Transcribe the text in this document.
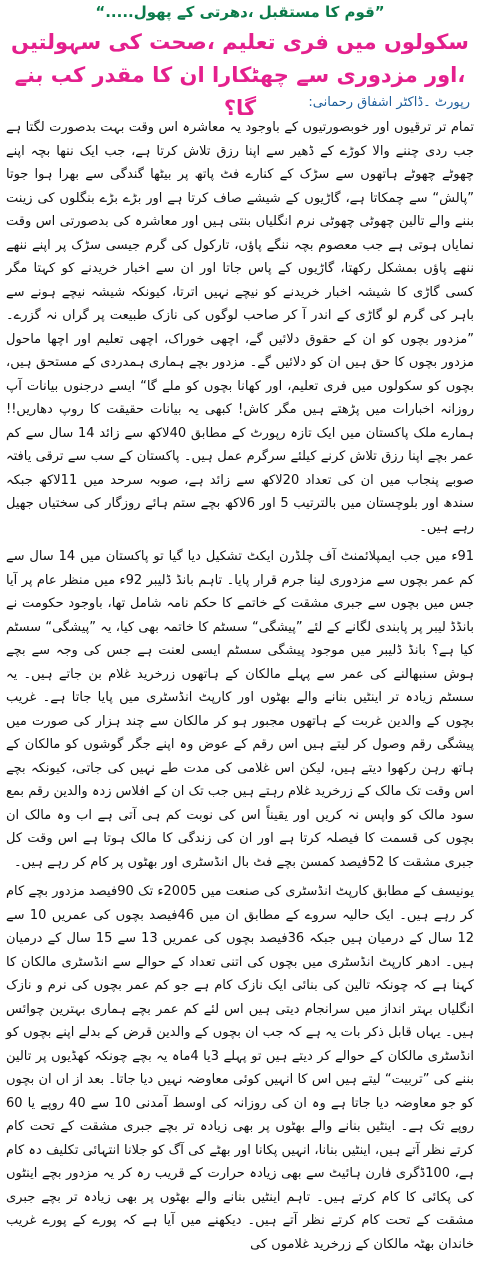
”قوم کا مستقبل ،دھرتی کے پھول.....“
سکولوں میں فری تعلیم ،صحت کی سہولتیں ،اور مزدوری سے چھٹکارا ان کا مقدر کب بنے گا؟	رپورٹ ۔ڈاکٹر اشفاق رحمانی:

تمام تر ترقیوں اور خوبصورتیوں کے باوجود یہ معاشرہ اس وقت بہت بدصورت لگتا ہے جب ردی چننے والا کوڑے کے ڈھیر سے اپنا رزق تلاش کرتا ہے، جب ایک ننھا بچہ اپنے چھوٹے چھوٹے ہاتھوں سے سڑک کے کنارے فٹ پاتھ پر بیٹھا گندگی سے بھرا ہوا جوتا ”پالش“ سے چمکاتا ہے، گاڑیوں کے شیشے صاف کرتا ہے اور بڑے بڑے بنگلوں کی زینت بننے والے تالین چھوٹی چھوٹی نرم انگلیاں بنتی ہیں اور معاشرہ کی بدصورتی اس وقت نمایاں ہوتی ہے جب معصوم بچہ ننگے پاؤں، تارکول کی گرم جیسی سڑک پر اپنے ننھے ننھے پاؤں بمشکل رکھتا، گاڑیوں کے پاس جاتا اور ان سے اخبار خریدنے کو کہتا مگر کسی گاڑی کا شیشہ اخبار خریدنے کو نیچے نہیں اترتا، کیونکہ شیشہ نیچے ہونے سے باہر کی گرم لو گاڑی کے اندر آ کر صاحب لوگوں کی نازک طبیعت پر گراں نہ گزرے۔ ”مزدور بچوں کو ان کے حقوق دلائیں گے، اچھی خوراک، اچھی تعلیم اور اچھا ماحول مزدور بچوں کا حق ہیں ان کو دلائیں گے۔ مزدور بچے ہماری ہمدردی کے مستحق ہیں، بچوں کو سکولوں میں فری تعلیم، اور کھانا بچوں کو ملے گا“ ایسے درجنوں بیانات آپ روزانہ اخبارات میں پڑھتے ہیں مگر کاش! کبھی یہ بیانات حقیقت کا روپ دھاریں!! ہمارے ملک پاکستان میں ایک تازہ رپورٹ کے مطابق 40لاکھ سے زائد 14 سال سے کم عمر بچے اپنا رزق تلاش کرنے کیلئے سرگرم عمل ہیں۔ پاکستان کے سب سے ترقی یافتہ صوبے پنجاب میں ان کی تعداد 20لاکھ سے زائد ہے، صوبہ سرحد میں 11لاکھ جبکہ سندھ اور بلوچستان میں بالترتیب 5 اور 6لاکھ بچے ستم ہائے روزگار کی سختیاں جھیل رہے ہیں۔

91ء میں جب ایمپلائمنٹ آف چلڈرن ایکٹ تشکیل دیا گیا تو پاکستان میں 14 سال سے کم عمر بچوں سے مزدوری لینا جرم قرار پایا۔ تاہم بانڈ ڈلیبر 92ء میں منظر عام پر آیا جس میں بچوں سے جبری مشقت کے خاتمے کا حکم نامہ شامل تھا، باوجود حکومت نے بانڈڈ لیبر پر پابندی لگانے کے لئے ”پیشگی“ سسٹم کا خاتمہ بھی کیا، یہ ”پیشگی“ سسٹم کیا ہے؟ بانڈ ڈلیبر میں موجود پیشگی سسٹم ایسی لعنت ہے جس کی وجہ سے بچے ہوش سنبھالنے کی عمر سے پہلے مالکان کے ہاتھوں زرخرید غلام بن جاتے ہیں۔ یہ سسٹم زیادہ تر اینٹیں بنانے والے بھٹوں اور کارپٹ انڈسٹری میں پایا جاتا ہے۔ غریب بچوں کے والدین غربت کے ہاتھوں مجبور ہو کر مالکان سے چند ہزار کی صورت میں پیشگی رقم وصول کر لیتے ہیں اس رقم کے عوض وہ اپنے جگر گوشوں کو مالکان کے ہاتھ رہن رکھوا دیتے ہیں، لیکن اس غلامی کی مدت طے نہیں کی جاتی، کیونکہ بچے اس وقت تک مالک کے زرخرید غلام رہتے ہیں جب تک ان کے افلاس زدہ والدین رقم بمع سود مالک کو واپس نہ کریں اور یقیناً اس کی نوبت کم ہی آتی ہے اب وہ مالک ان بچوں کی قسمت کا فیصلہ کرتا ہے اور ان کی زندگی کا مالک ہوتا ہے اس وقت کل جبری مشقت کا 52فیصد کمسن بچے فٹ بال انڈسٹری اور بھٹوں پر کام کر رہے ہیں۔

یونیسف کے مطابق کارپٹ انڈسٹری کی صنعت میں 2005ء تک 90فیصد مزدور بچے کام کر رہے ہیں۔ ایک حالیہ سروے کے مطابق ان میں 46فیصد بچوں کی عمریں 10 سے 12 سال کے درمیان ہیں جبکہ 36فیصد بچوں کی عمریں 13 سے 15 سال کے درمیان ہیں۔ ادھر کارپٹ انڈسٹری میں بچوں کی اتنی تعداد کے حوالے سے انڈسٹری مالکان کا کہنا ہے کہ چونکہ تالین کی بنائی ایک نازک کام ہے جو کم عمر بچوں کی نرم و نازک انگلیاں بہتر انداز میں سرانجام دیتی ہیں اس لئے کم عمر بچے ہماری بہترین چوائس ہیں۔ یہاں قابل ذکر بات یہ ہے کہ جب ان بچوں کے والدین قرض کے بدلے اپنے بچوں کو انڈسٹری مالکان کے حوالے کر دیتے ہیں تو پہلے 3یا 4ماہ یہ بچے چونکہ کھڈیوں پر تالین بننے کی ”تربیت“ لیتے ہیں اس کا انہیں کوئی معاوضہ نہیں دیا جاتا۔ بعد از اں ان بچوں کو جو معاوضہ دیا جاتا ہے وہ ان کی روزانہ کی اوسط آمدنی 10 سے 40 روپے یا 60 روپے تک ہے۔ اینٹیں بنانے والے بھٹوں پر بھی زیادہ تر بچے جبری مشقت کے تحت کام کرتے نظر آتے ہیں، اینٹیں بنانا، انہیں پکانا اور بھٹے کی آگ کو جلانا انتہائی تکلیف دہ کام ہے، 100ڈگری فارن ہائیٹ سے بھی زیادہ حرارت کے قریب رہ کر یہ مزدور بچے اینٹوں کی پکائی کا کام کرتے ہیں۔ تاہم اینٹیں بنانے والے بھٹوں پر بھی زیادہ تر بچے جبری مشقت کے تحت کام کرتے نظر آتے ہیں۔ دیکھنے میں آیا ہے کہ پورے کے پورے غریب خاندان بھٹہ مالکان کے زرخرید غلاموں کی
